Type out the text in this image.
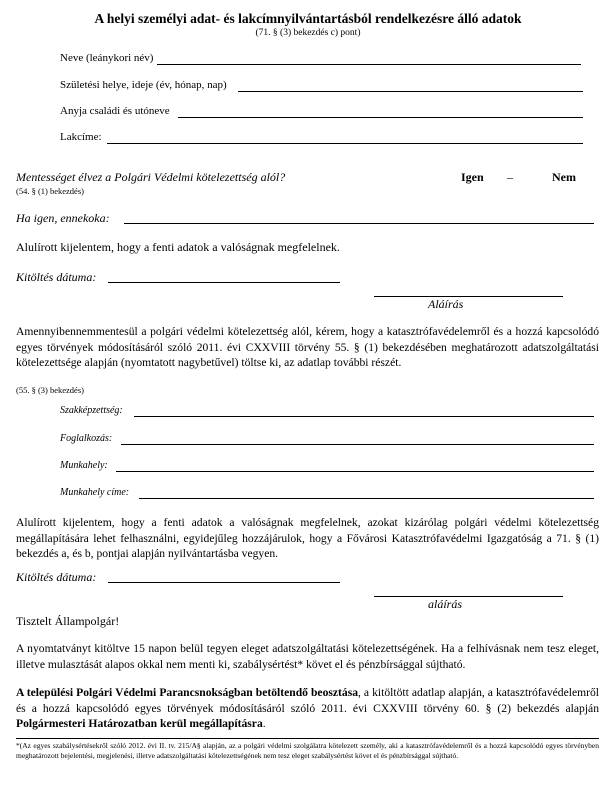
A helyi személyi adat- és lakcímnyilvántartásból rendelkezésre álló adatok
(71. § (3) bekezdés c) pont)
Neve (leánykori név)
Születési helye, ideje (év, hónap, nap)
Anyja családi és utóneve
Lakcíme:
Mentességet élvez a Polgári Védelmi kötelezettség alól?	Igen –	Nem
(54. § (1) bekezdés)
Ha igen, ennekoka:
Alulírott kijelentem, hogy a fenti adatok a valóságnak megfelelnek.
Kitöltés dátuma:
Aláírás
Amennyibennemmentesül a polgári védelmi kötelezettség alól, kérem, hogy a katasztrófavédelemről és a hozzá kapcsolódó egyes törvények módosításáról szóló 2011. évi CXXVIII törvény 55. § (1) bekezdésében meghatározott adatszolgáltatási kötelezettsége alapján (nyomtatott nagybetűvel) töltse ki, az adatlap további részét.
(55. § (3) bekezdés)
Szakképzettség:
Foglalkozás:
Munkahely:
Munkahely címe:
Alulírott kijelentem, hogy a fenti adatok a valóságnak megfelelnek, azokat kizárólag polgári védelmi kötelezettség megállapítására lehet felhasználni, egyidejűleg hozzájárulok, hogy a Fővárosi Katasztrófavédelmi Igazgatóság a 71. § (1) bekezdés a, és b, pontjai alapján nyilvántartásba vegyen.
Kitöltés dátuma:
aláírás
Tisztelt Állampolgár!
A nyomtatványt kitöltve 15 napon belül tegyen eleget adatszolgáltatási kötelezettségének. Ha a felhívásnak nem tesz eleget, illetve mulasztását alapos okkal nem menti ki, szabálysértést* követ el és pénzbírsággal sújtható.
A települési Polgári Védelmi Parancsnokságban betöltendő beosztása, a kitöltött adatlap alapján, a katasztrófavédelemről és a hozzá kapcsolódó egyes törvények módosításáról szóló 2011. évi CXXVIII törvény 60. § (2) bekezdés alapján Polgármesteri Határozatban kerül megállapításra.
*(Az egyes szabálysértésekről szóló 2012. évi II. tv. 215/A§ alapján, az a polgári védelmi szolgálatra kötelezett személy, aki a katasztrófavédelemről és a hozzá kapcsolódó egyes törvényben meghatározott bejelentési, megjelenési, illetve adatszolgáltatási kötelezettségének nem tesz eleget szabálysértést követ el és pénzbírsággal sújtható.
